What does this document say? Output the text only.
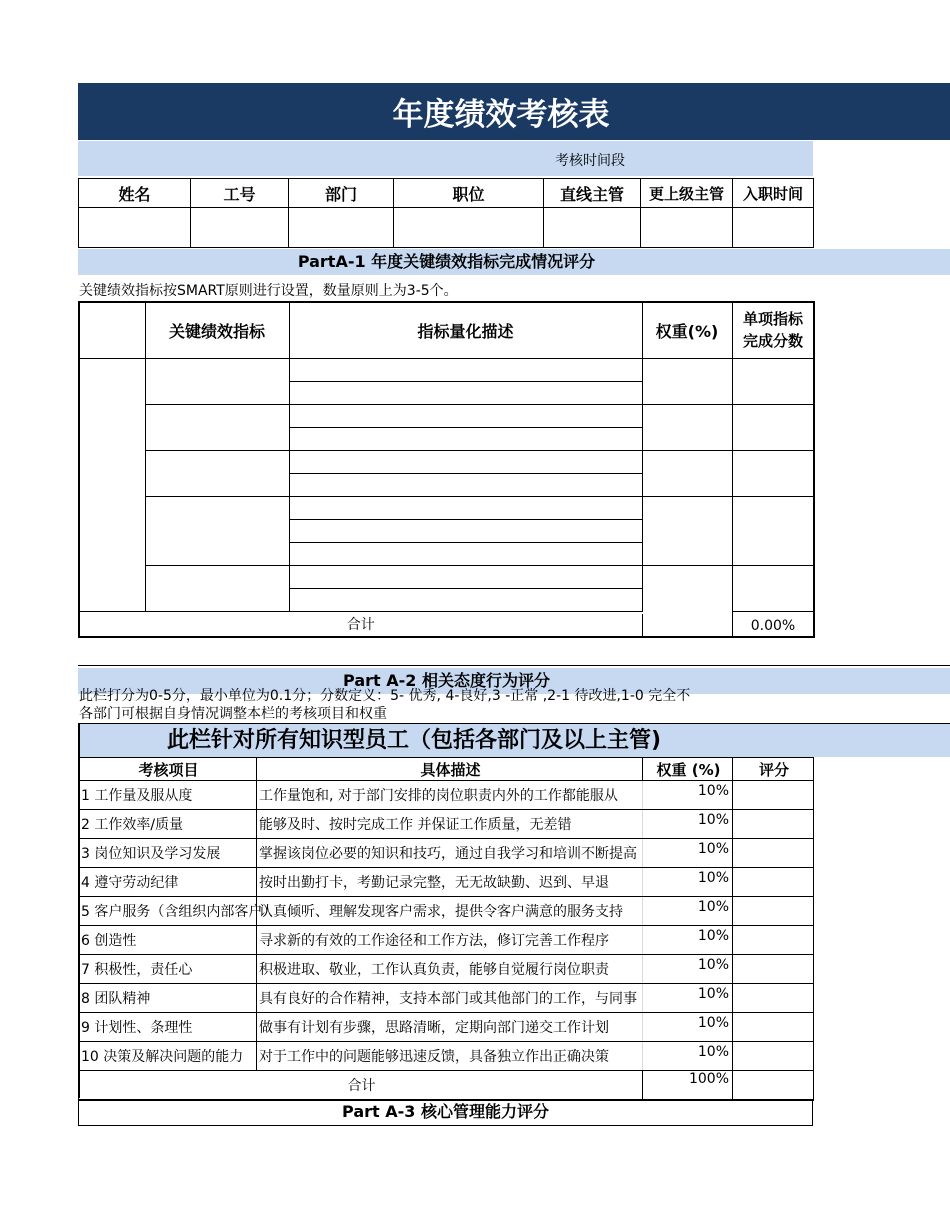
年度绩效考核表
考核时间段
姓名	工号	部门	职位	直线主管	更上级主管	入职时间

PartA-1 年度关键绩效指标完成情况评分
关键绩效指标按SMART原则进行设置，数量原则上为3-5个。
	关键绩效指标	指标量化描述	权重(%)	单项指标
完成分数	

合计				0.00%	
Part A-2 相关态度行为评分
此栏打分为0-5分，最小单位为0.1分；分数定义：5- 优秀, 4-良好,3 -正常 ,2-1 待改进,1-0 完全不
各部门可根据自身情况调整本栏的考核项目和权重
此栏针对所有知识型员工（包括各部门及以上主管)
考核项目	具体描述	权重 (%)	评分
1 工作量及服从度	工作量饱和, 对于部门安排的岗位职责内外的工作都能服从	10%	
2 工作效率/质量	能够及时、按时完成工作 并保证工作质量，无差错	10%	
3 岗位知识及学习发展	掌握该岗位必要的知识和技巧，通过自我学习和培训不断提高	10%	
4 遵守劳动纪律	按时出勤打卡，考勤记录完整，无无故缺勤、迟到、早退	10%	
5 客户服务（含组织内部客户）	认真倾听、理解发现客户需求，提供令客户满意的服务支持	10%	
6 创造性	寻求新的有效的工作途径和工作方法，修订完善工作程序	10%	
7 积极性，责任心	积极进取、敬业，工作认真负责，能够自觉履行岗位职责	10%	
8 团队精神	具有良好的合作精神，支持本部门或其他部门的工作，与同事	10%	
9 计划性、条理性	做事有计划有步骤，思路清晰，定期向部门递交工作计划	10%	
10 决策及解决问题的能力	对于工作中的问题能够迅速反馈，具备独立作出正确决策	10%	
合计		100%	
Part A-3 核心管理能力评分
